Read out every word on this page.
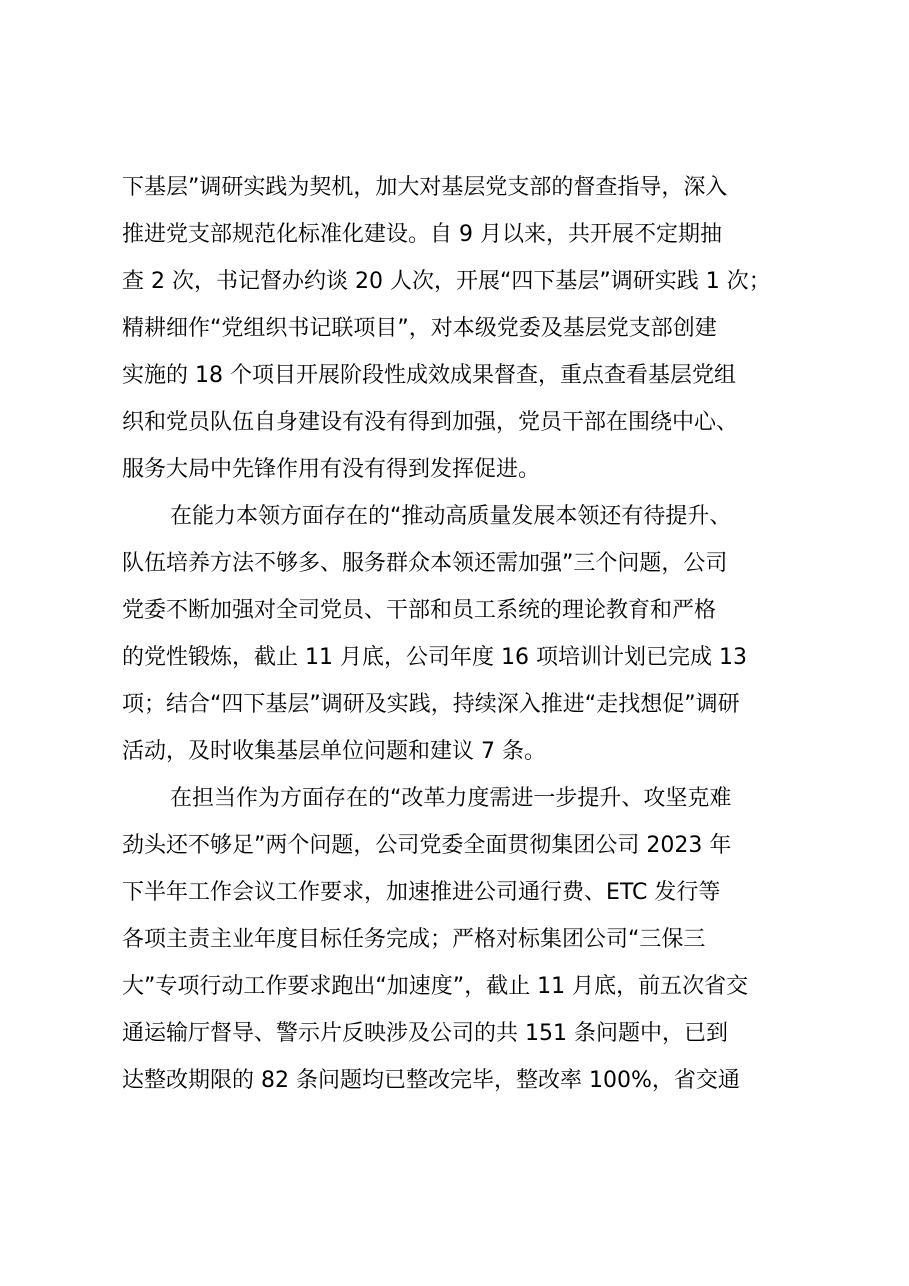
下基层”调研实践为契机，加大对基层党支部的督查指导，深入
推进党支部规范化标准化建设。自 9 月以来，共开展不定期抽
查 2 次，书记督办约谈 20 人次，开展“四下基层”调研实践 1 次；
精耕细作“党组织书记联项目”，对本级党委及基层党支部创建
实施的 18 个项目开展阶段性成效成果督查，重点查看基层党组
织和党员队伍自身建设有没有得到加强，党员干部在围绕中心、
服务大局中先锋作用有没有得到发挥促进。
在能力本领方面存在的“推动高质量发展本领还有待提升、
队伍培养方法不够多、服务群众本领还需加强”三个问题，公司
党委不断加强对全司党员、干部和员工系统的理论教育和严格
的党性锻炼，截止 11 月底，公司年度 16 项培训计划已完成 13
项；结合“四下基层”调研及实践，持续深入推进“走找想促”调研
活动，及时收集基层单位问题和建议 7 条。
在担当作为方面存在的“改革力度需进一步提升、攻坚克难
劲头还不够足”两个问题，公司党委全面贯彻集团公司 2023 年
下半年工作会议工作要求，加速推进公司通行费、ETC 发行等
各项主责主业年度目标任务完成；严格对标集团公司“三保三
大”专项行动工作要求跑出“加速度”，截止 11 月底，前五次省交
通运输厅督导、警示片反映涉及公司的共 151 条问题中，已到
达整改期限的 82 条问题均已整改完毕，整改率 100%，省交通
